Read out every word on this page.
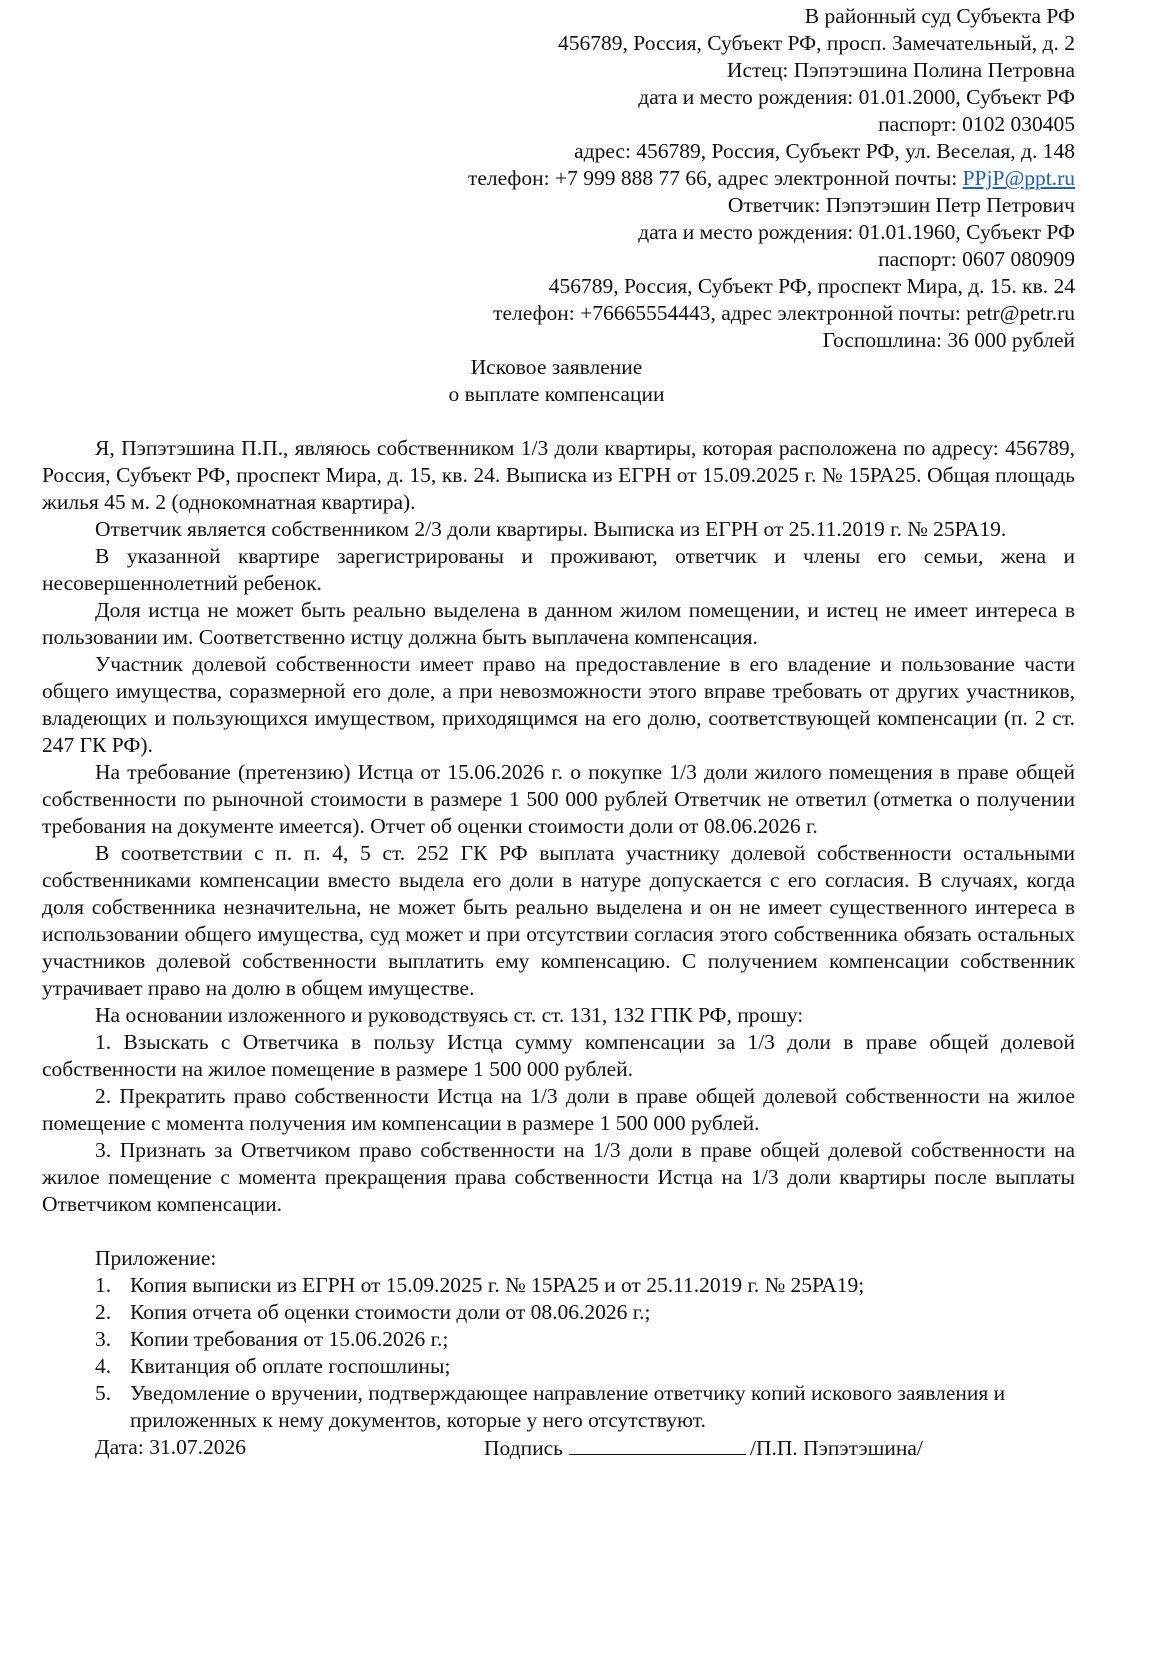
В районный суд Субъекта РФ
456789, Россия, Субъект РФ, просп. Замечательный, д. 2
Истец: Пэпэтэшина Полина Петровна
дата и место рождения: 01.01.2000, Субъект РФ
паспорт: 0102 030405
адрес: 456789, Россия, Субъект РФ, ул. Веселая, д. 148
телефон: +7 999 888 77 66, адрес электронной почты: PPjP@ppt.ru
Ответчик: Пэпэтэшин Петр Петрович
дата и место рождения: 01.01.1960, Субъект РФ
паспорт: 0607 080909
456789, Россия, Субъект РФ, проспект Мира, д. 15. кв. 24
телефон: +76665554443, адрес электронной почты: petr@petr.ru
Госпошлина: 36 000 рублей
Исковое заявление
о выплате компенсации

Я, Пэпэтэшина П.П., являюсь собственником 1/3 доли квартиры, которая расположена по адресу: 456789, Россия, Субъект РФ, проспект Мира, д. 15, кв. 24. Выписка из ЕГРН от 15.09.2025 г. № 15РА25. Общая площадь жилья 45 м. 2 (однокомнатная квартира).

Ответчик является собственником 2/3 доли квартиры. Выписка из ЕГРН от 25.11.2019 г. № 25РА19.

В указанной квартире зарегистрированы и проживают, ответчик и члены его семьи, жена и несовершеннолетний ребенок.

Доля истца не может быть реально выделена в данном жилом помещении, и истец не имеет интереса в пользовании им. Соответственно истцу должна быть выплачена компенсация.

Участник долевой собственности имеет право на предоставление в его владение и пользование части общего имущества, соразмерной его доле, а при невозможности этого вправе требовать от других участников, владеющих и пользующихся имуществом, приходящимся на его долю, соответствующей компенсации (п. 2 ст. 247 ГК РФ).

На требование (претензию) Истца от 15.06.2026 г. о покупке 1/3 доли жилого помещения в праве общей собственности по рыночной стоимости в размере 1 500 000 рублей Ответчик не ответил (отметка о получении требования на документе имеется). Отчет об оценки стоимости доли от 08.06.2026 г.

В соответствии с п. п. 4, 5 ст. 252 ГК РФ выплата участнику долевой собственности остальными собственниками компенсации вместо выдела его доли в натуре допускается с его согласия. В случаях, когда доля собственника незначительна, не может быть реально выделена и он не имеет существенного интереса в использовании общего имущества, суд может и при отсутствии согласия этого собственника обязать остальных участников долевой собственности выплатить ему компенсацию. С получением компенсации собственник утрачивает право на долю в общем имуществе.

На основании изложенного и руководствуясь ст. ст. 131, 132 ГПК РФ, прошу:

1. Взыскать с Ответчика в пользу Истца сумму компенсации за 1/3 доли в праве общей долевой собственности на жилое помещение в размере 1 500 000 рублей.

2. Прекратить право собственности Истца на 1/3 доли в праве общей долевой собственности на жилое помещение с момента получения им компенсации в размере 1 500 000 рублей.

3. Признать за Ответчиком право собственности на 1/3 доли в праве общей долевой собственности на жилое помещение с момента прекращения права собственности Истца на 1/3 доли квартиры после выплаты Ответчиком компенсации.

Приложение:
1. Копия выписки из ЕГРН от 15.09.2025 г. № 15РА25 и от 25.11.2019 г. № 25РА19;
2. Копия отчета об оценки стоимости доли от 08.06.2026 г.;
3. Копии требования от 15.06.2026 г.;
4. Квитанция об оплате госпошлины;
5. Уведомление о вручении, подтверждающее направление ответчику копий искового заявления и приложенных к нему документов, которые у него отсутствуют.
Дата: 31.07.2026	Подпись	/П.П. Пэпэтэшина/
